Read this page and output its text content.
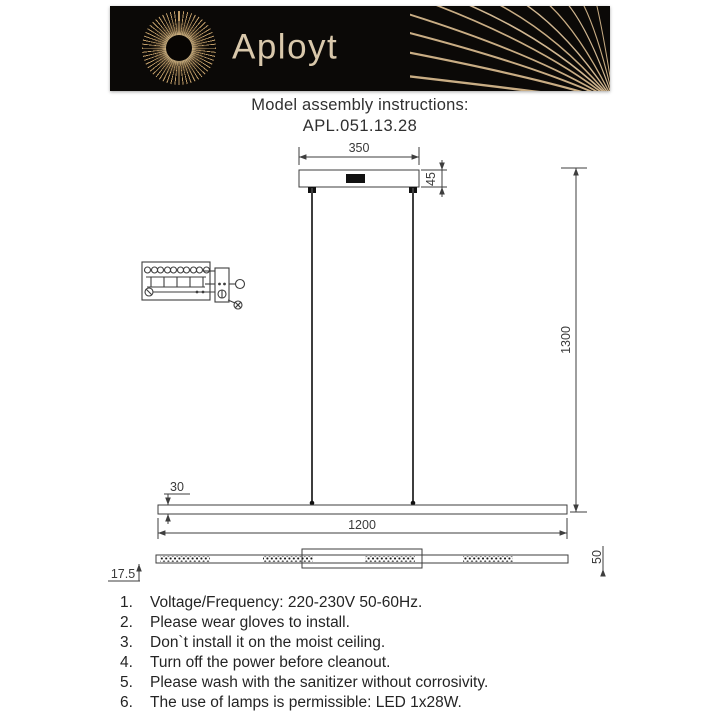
Aployt
Model assembly instructions:
APL.051.13.28
350
45
1300
30
1200
17.5
50
1.	Voltage/Frequency: 220-230V 50-60Hz.
2.	Please wear gloves to install.
3.	Don`t install it on the moist ceiling.
4.	Turn off the power before cleanout.
5.	Please wash with the sanitizer without corrosivity.
6.	The use of lamps is permissible: LED 1x28W.
